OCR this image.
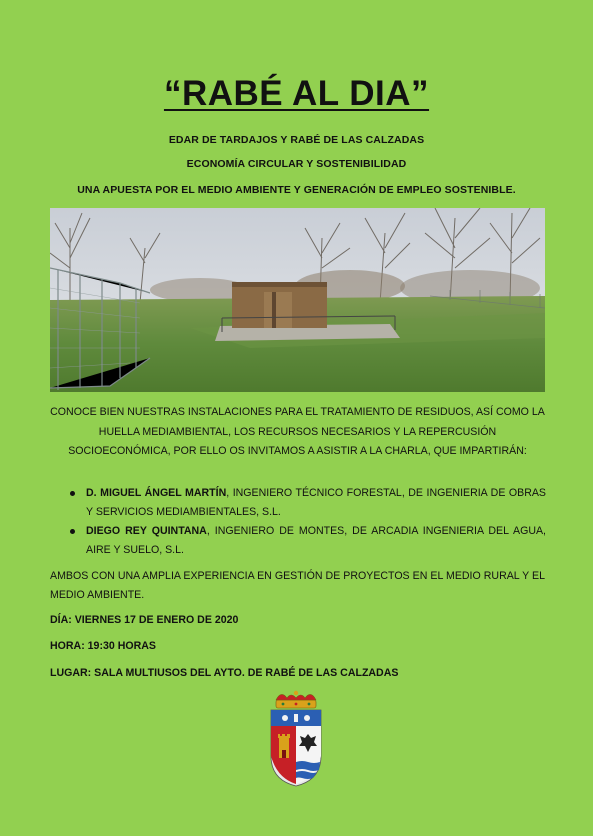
“RABÉ AL DIA”
EDAR DE TARDAJOS Y RABÉ DE LAS CALZADAS
ECONOMÍA CIRCULAR Y SOSTENIBILIDAD
UNA APUESTA POR EL MEDIO AMBIENTE Y GENERACIÓN DE EMPLEO SOSTENIBLE.
CONOCE BIEN NUESTRAS INSTALACIONES PARA EL TRATAMIENTO DE RESIDUOS, ASÍ COMO LA HUELLA MEDIAMBIENTAL, LOS RECURSOS NECESARIOS Y LA REPERCUSIÓN SOCIOECONÓMICA, POR ELLO OS INVITAMOS A ASISTIR A LA CHARLA, QUE IMPARTIRÁN:
D. MIGUEL ÁNGEL MARTÍN, INGENIERO TÉCNICO FORESTAL, DE INGENIERIA DE OBRAS Y SERVICIOS MEDIAMBIENTALES, S.L.
DIEGO REY QUINTANA, INGENIERO DE MONTES, DE ARCADIA INGENIERIA DEL AGUA, AIRE Y SUELO, S.L.
AMBOS CON UNA AMPLIA EXPERIENCIA EN GESTIÓN DE PROYECTOS EN EL MEDIO RURAL Y EL MEDIO AMBIENTE.
DÍA: VIERNES 17 DE ENERO DE 2020
HORA: 19:30 HORAS
LUGAR: SALA MULTIUSOS DEL AYTO. DE RABÉ DE LAS CALZADAS
